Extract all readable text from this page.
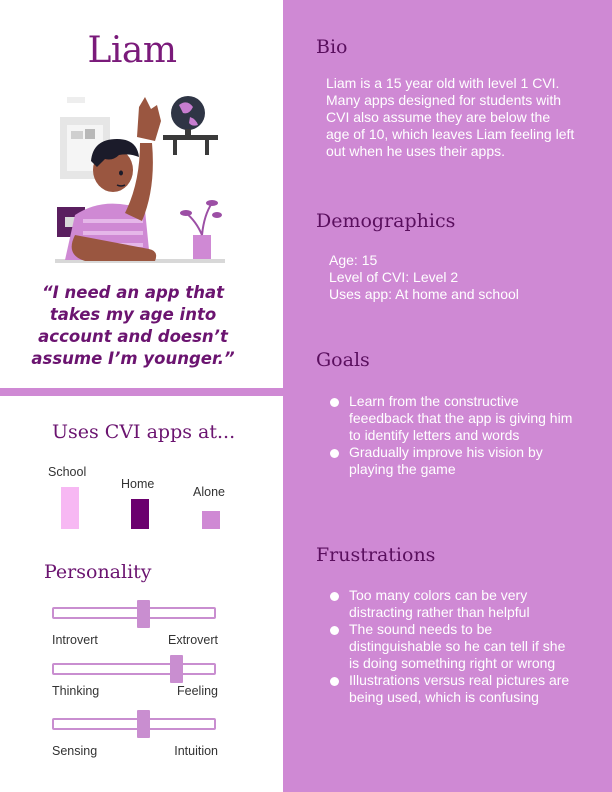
Liam
“I need an app that takes my age into account and doesn’t assume I’m younger.”
Uses CVI apps at...
School
Home
Alone
Personality
Introvert	Extrovert
Thinking	Feeling
Sensing	Intuition
Bio
Liam is a 15 year old with level 1 CVI. Many apps designed for students with CVI also assume they are below the age of 10, which leaves Liam feeling left out when he uses their apps.
Demographics
Age: 15
Level of CVI: Level 2
Uses app: At home and school
Goals
Learn from the constructive feeedback that the app is giving him to identify letters and words
Gradually improve his vision by playing the game
Frustrations
Too many colors can be very distracting rather than helpful
The sound needs to be distinguishable so he can tell if she is doing something right or wrong
Illustrations versus real pictures are being used, which is confusing
